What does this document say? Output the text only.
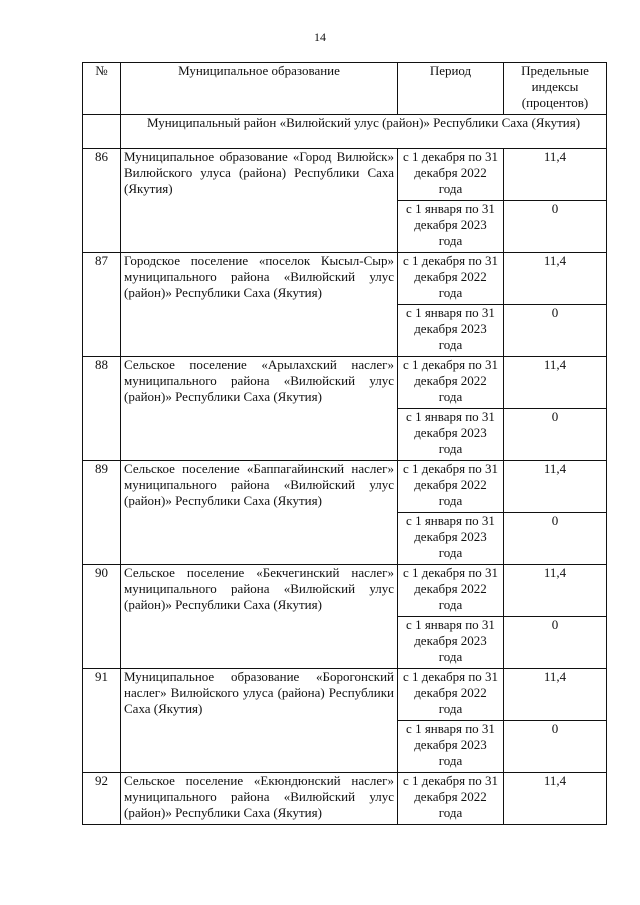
14
№	Муниципальное образование	Период	Предельные индексы (процентов)
	Муниципальный район «Вилюйский улус (район)» Республики Саха (Якутия)		
86	Муниципальное образование «Город Вилюйск» Вилюйского улуса (района) Республики Саха (Якутия)	с 1 декабря по 31 декабря 2022 года	11,4
		с 1 января по 31 декабря 2023 года	0
87	Городское поселение «поселок Кысыл-Сыр» муниципального района «Вилюйский улус (район)» Республики Саха (Якутия)	с 1 декабря по 31 декабря 2022 года	11,4
		с 1 января по 31 декабря 2023 года	0
88	Сельское поселение «Арылахский наслег» муниципального района «Вилюйский улус (район)» Республики Саха (Якутия)	с 1 декабря по 31 декабря 2022 года	11,4
		с 1 января по 31 декабря 2023 года	0
89	Сельское поселение «Баппагайинский наслег» муниципального района «Вилюйский улус (район)» Республики Саха (Якутия)	с 1 декабря по 31 декабря 2022 года	11,4
		с 1 января по 31 декабря 2023 года	0
90	Сельское поселение «Бекчегинский наслег» муниципального района «Вилюйский улус (район)» Республики Саха (Якутия)	с 1 декабря по 31 декабря 2022 года	11,4
		с 1 января по 31 декабря 2023 года	0
91	Муниципальное образование «Борогонский наслег» Вилюйского улуса (района) Республики Саха (Якутия)	с 1 декабря по 31 декабря 2022 года	11,4
		с 1 января по 31 декабря 2023 года	0
92	Сельское поселение «Екюндюнский наслег» муниципального района «Вилюйский улус (район)» Республики Саха (Якутия)	с 1 декабря по 31 декабря 2022 года	11,4
